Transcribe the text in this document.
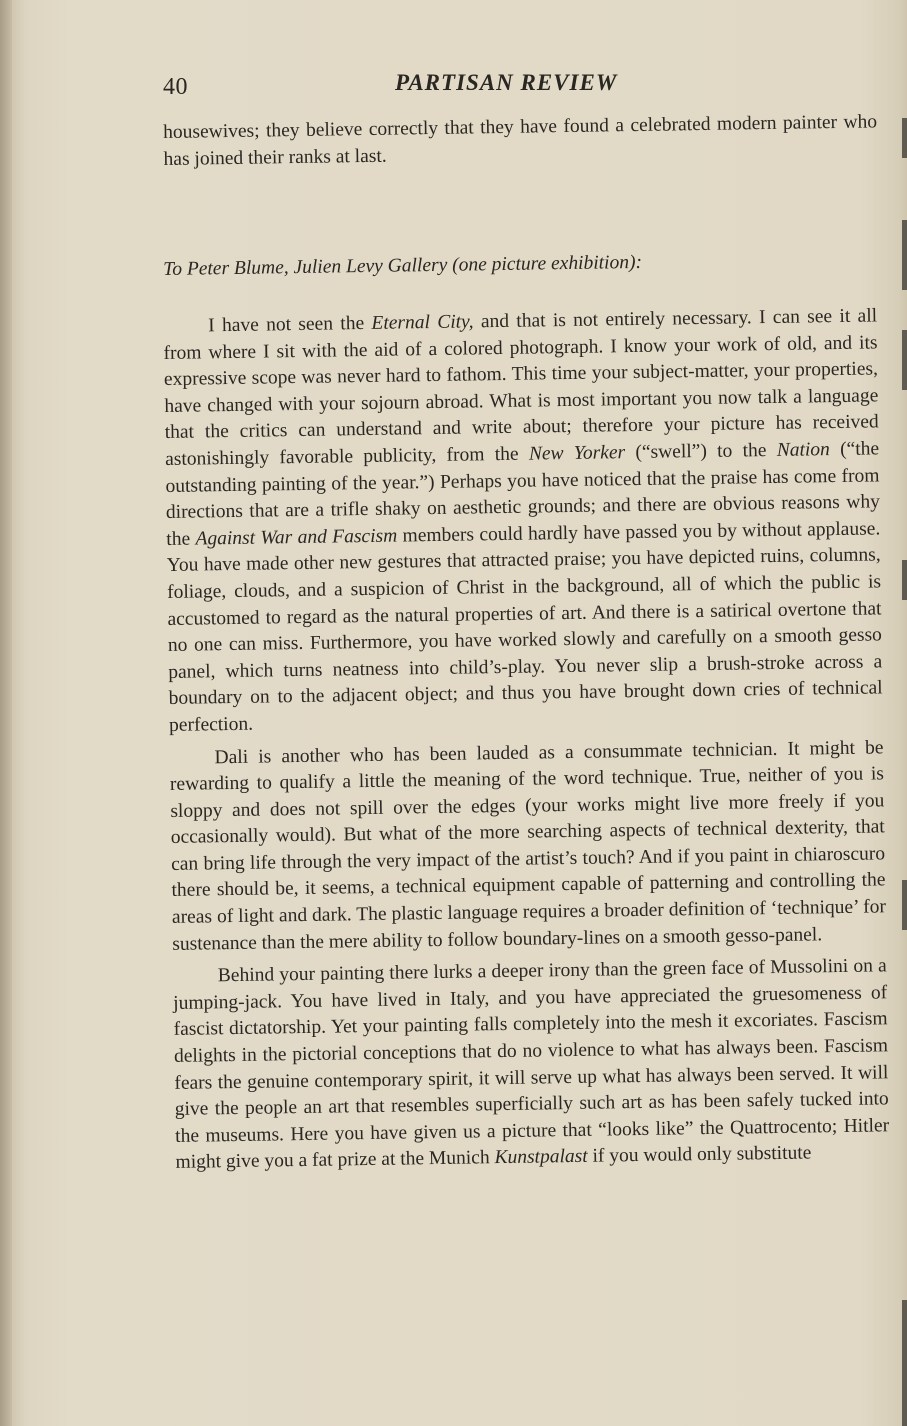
40	PARTISAN REVIEW

housewives; they believe correctly that they have found a celebrated modern painter who has joined their ranks at last.

To Peter Blume, Julien Levy Gallery (one picture exhibition):

I have not seen the Eternal City, and that is not entirely necessary. I can see it all from where I sit with the aid of a colored photograph. I know your work of old, and its expressive scope was never hard to fathom. This time your subject-matter, your properties, have changed with your sojourn abroad. What is most important you now talk a language that the critics can understand and write about; therefore your picture has received astonishingly favorable publicity, from the New Yorker (“swell”) to the Nation (“the outstanding painting of the year.”) Perhaps you have noticed that the praise has come from directions that are a trifle shaky on aesthetic grounds; and there are obvious reasons why the Against War and Fascism members could hardly have passed you by without applause. You have made other new gestures that attracted praise; you have depicted ruins, columns, foliage, clouds, and a suspicion of Christ in the background, all of which the public is accustomed to regard as the natural properties of art. And there is a satirical overtone that no one can miss. Furthermore, you have worked slowly and carefully on a smooth gesso panel, which turns neatness into child’s-play. You never slip a brush-stroke across a boundary on to the adjacent object; and thus you have brought down cries of technical perfection.

Dali is another who has been lauded as a consummate technician. It might be rewarding to qualify a little the meaning of the word technique. True, neither of you is sloppy and does not spill over the edges (your works might live more freely if you occasionally would). But what of the more searching aspects of technical dexterity, that can bring life through the very impact of the artist’s touch? And if you paint in chiaroscuro there should be, it seems, a technical equipment capable of patterning and controlling the areas of light and dark. The plastic language requires a broader definition of ‘technique’ for sustenance than the mere ability to follow boundary-lines on a smooth gesso-panel.

Behind your painting there lurks a deeper irony than the green face of Mussolini on a jumping-jack. You have lived in Italy, and you have appreciated the gruesomeness of fascist dictatorship. Yet your painting falls completely into the mesh it excoriates. Fascism delights in the pictorial conceptions that do no violence to what has always been. Fascism fears the genuine contemporary spirit, it will serve up what has always been served. It will give the people an art that resembles superficially such art as has been safely tucked into the museums. Here you have given us a picture that “looks like” the Quattrocento; Hitler might give you a fat prize at the Munich Kunstpalast if you would only substitute
